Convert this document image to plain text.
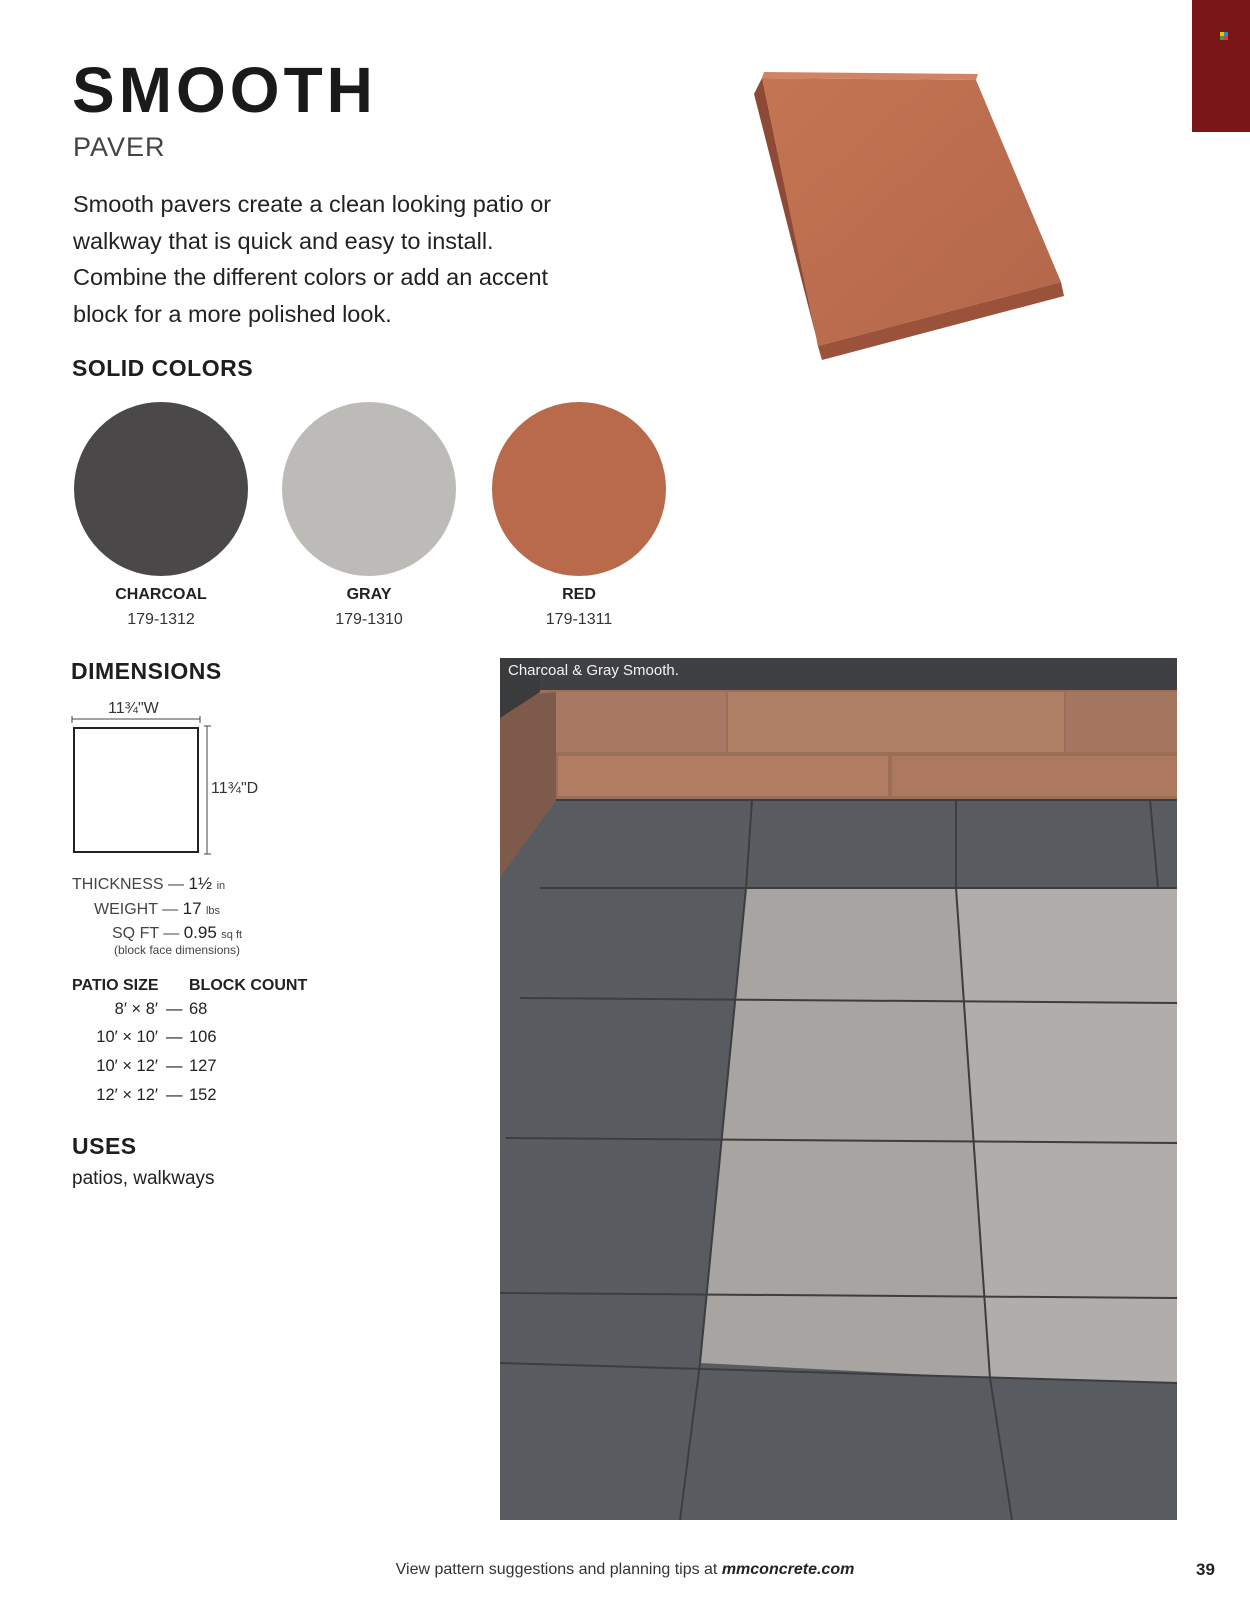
SMOOTH
PAVER
Smooth pavers create a clean looking patio or walkway that is quick and easy to install. Combine the different colors or add an accent block for a more polished look.
SOLID COLORS
CHARCOAL
179-1312
GRAY
179-1310
RED
179-1311
DIMENSIONS
11¾"W
11¾"D
THICKNESS — 1½ in
WEIGHT — 17 lbs
SQ FT — 0.95 sq ft
(block face dimensions)
PATIO SIZE BLOCK COUNT
8′ × 8′ — 68
10′ × 10′ — 106
10′ × 12′ — 127
12′ × 12′ — 152
USES
patios, walkways
Charcoal & Gray Smooth.
View pattern suggestions and planning tips at mmconcrete.com	39
